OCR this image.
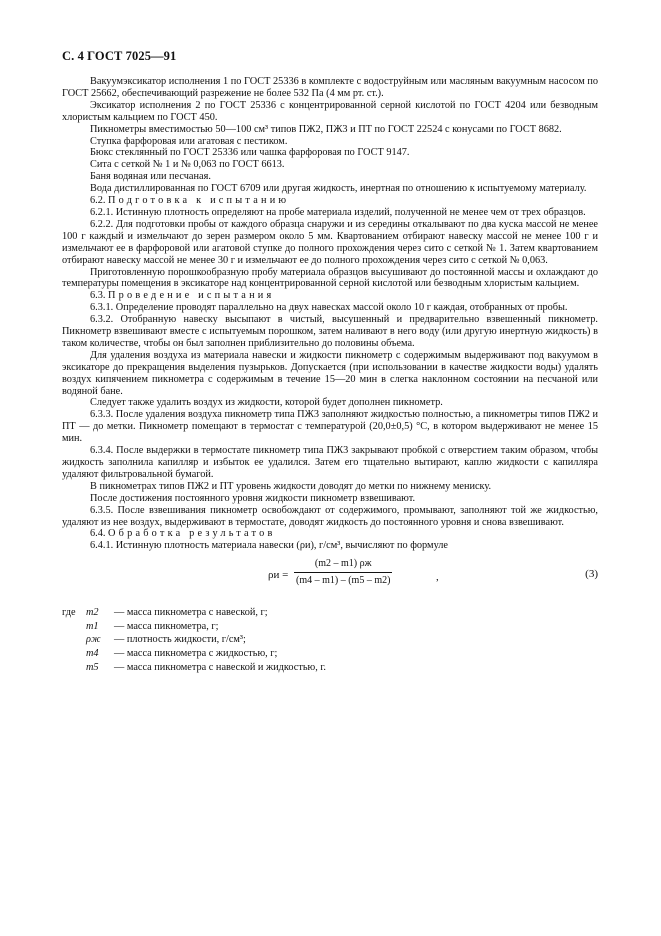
С. 4 ГОСТ 7025—91

Вакуумэксикатор исполнения 1 по ГОСТ 25336 в комплекте с водоструйным или масляным вакуумным насосом по ГОСТ 25662, обеспечивающий разрежение не более 532 Па (4 мм рт. ст.).

Эксикатор исполнения 2 по ГОСТ 25336 с концентрированной серной кислотой по ГОСТ 4204 или безводным хлористым кальцием по ГОСТ 450.

Пикнометры вместимостью 50—100 см³ типов ПЖ2, ПЖ3 и ПТ по ГОСТ 22524 с конусами по ГОСТ 8682.

Ступка фарфоровая или агатовая с пестиком.

Бюкс стеклянный по ГОСТ 25336 или чашка фарфоровая по ГОСТ 9147.

Сита с сеткой № 1 и № 0,063 по ГОСТ 6613.

Баня водяная или песчаная.

Вода дистиллированная по ГОСТ 6709 или другая жидкость, инертная по отношению к испытуемому материалу.

6.2. Подготовка к испытанию

6.2.1. Истинную плотность определяют на пробе материала изделий, полученной не менее чем от трех образцов.

6.2.2. Для подготовки пробы от каждого образца снаружи и из середины откалывают по два куска массой не менее 100 г каждый и измельчают до зерен размером около 5 мм. Квартованием отбирают навеску массой не менее 100 г и измельчают ее в фарфоровой или агатовой ступке до полного прохождения через сито с сеткой № 1. Затем квартованием отбирают навеску массой не менее 30 г и измельчают ее до полного прохождения через сито с сеткой № 0,063.

Приготовленную порошкообразную пробу материала образцов высушивают до постоянной массы и охлаждают до температуры помещения в эксикаторе над концентрированной серной кислотой или безводным хлористым кальцием.

6.3. Проведение испытания

6.3.1. Определение проводят параллельно на двух навесках массой около 10 г каждая, отобранных от пробы.

6.3.2. Отобранную навеску высыпают в чистый, высушенный и предварительно взвешенный пикнометр. Пикнометр взвешивают вместе с испытуемым порошком, затем наливают в него воду (или другую инертную жидкость) в таком количестве, чтобы он был заполнен приблизительно до половины объема.

Для удаления воздуха из материала навески и жидкости пикнометр с содержимым выдерживают под вакуумом в эксикаторе до прекращения выделения пузырьков. Допускается (при использовании в качестве жидкости воды) удалять воздух кипячением пикнометра с содержимым в течение 15—20 мин в слегка наклонном состоянии на песчаной или водяной бане.

Следует также удалить воздух из жидкости, которой будет дополнен пикнометр.

6.3.3. После удаления воздуха пикнометр типа ПЖ3 заполняют жидкостью полностью, а пикнометры типов ПЖ2 и ПТ — до метки. Пикнометр помещают в термостат с температурой (20,0±0,5) °С, в котором выдерживают не менее 15 мин.

6.3.4. После выдержки в термостате пикнометр типа ПЖ3 закрывают пробкой с отверстием таким образом, чтобы жидкость заполнила капилляр и избыток ее удалился. Затем его тщательно вытирают, каплю жидкости с капилляра удаляют фильтровальной бумагой.

В пикнометрах типов ПЖ2 и ПТ уровень жидкости доводят до метки по нижнему мениску.

После достижения постоянного уровня жидкости пикнометр взвешивают.

6.3.5. После взвешивания пикнометр освобождают от содержимого, промывают, заполняют той же жидкостью, удаляют из нее воздух, выдерживают в термостате, доводят жидкость до постоянного уровня и снова взвешивают.

6.4. Обработка результатов

6.4.1. Истинную плотность материала навески (ρи), г/см³, вычисляют по формуле

ρи =
(m2 – m1) ρж
(m4 – m1) – (m5 – m2)	,	(3)
где	m2	— масса пикнометра с навеской, г;
m1	— масса пикнометра, г;
ρж	— плотность жидкости, г/см³;
m4	— масса пикнометра с жидкостью, г;
m5	— масса пикнометра с навеской и жидкостью, г.
